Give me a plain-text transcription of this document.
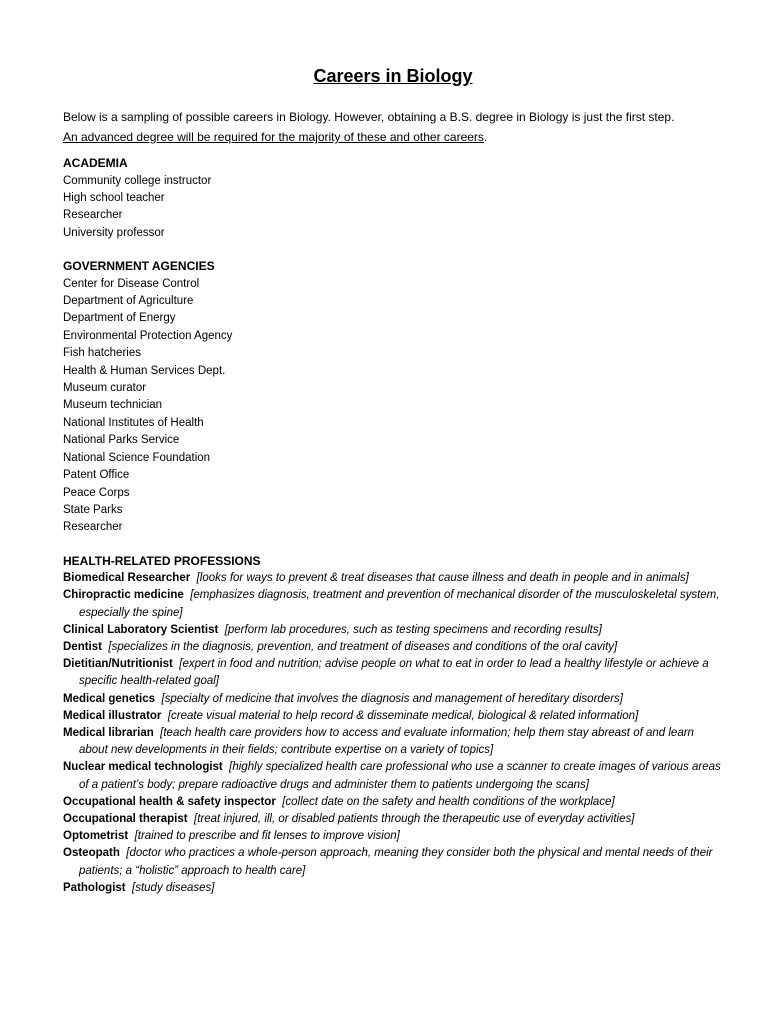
Careers in Biology
Below is a sampling of possible careers in Biology. However, obtaining a B.S. degree in Biology is just the first step.
An advanced degree will be required for the majority of these and other careers.
ACADEMIA
Community college instructor
High school teacher
Researcher
University professor
GOVERNMENT AGENCIES
Center for Disease Control
Department of Agriculture
Department of Energy
Environmental Protection Agency
Fish hatcheries
Health & Human Services Dept.
Museum curator
Museum technician
National Institutes of Health
National Parks Service
National Science Foundation
Patent Office
Peace Corps
State Parks
Researcher
HEALTH-RELATED PROFESSIONS
Biomedical Researcher [looks for ways to prevent & treat diseases that cause illness and death in people and in animals]
Chiropractic medicine [emphasizes diagnosis, treatment and prevention of mechanical disorder of the musculoskeletal system, especially the spine]
Clinical Laboratory Scientist [perform lab procedures, such as testing specimens and recording results]
Dentist [specializes in the diagnosis, prevention, and treatment of diseases and conditions of the oral cavity]
Dietitian/Nutritionist [expert in food and nutrition; advise people on what to eat in order to lead a healthy lifestyle or achieve a specific health-related goal]
Medical genetics [specialty of medicine that involves the diagnosis and management of hereditary disorders]
Medical illustrator [create visual material to help record & disseminate medical, biological & related information]
Medical librarian [teach health care providers how to access and evaluate information; help them stay abreast of and learn about new developments in their fields; contribute expertise on a variety of topics]
Nuclear medical technologist [highly specialized health care professional who use a scanner to create images of various areas of a patient’s body; prepare radioactive drugs and administer them to patients undergoing the scans]
Occupational health & safety inspector [collect date on the safety and health conditions of the workplace]
Occupational therapist [treat injured, ill, or disabled patients through the therapeutic use of everyday activities]
Optometrist [trained to prescribe and fit lenses to improve vision]
Osteopath [doctor who practices a whole-person approach, meaning they consider both the physical and mental needs of their patients; a “holistic” approach to health care]
Pathologist [study diseases]
